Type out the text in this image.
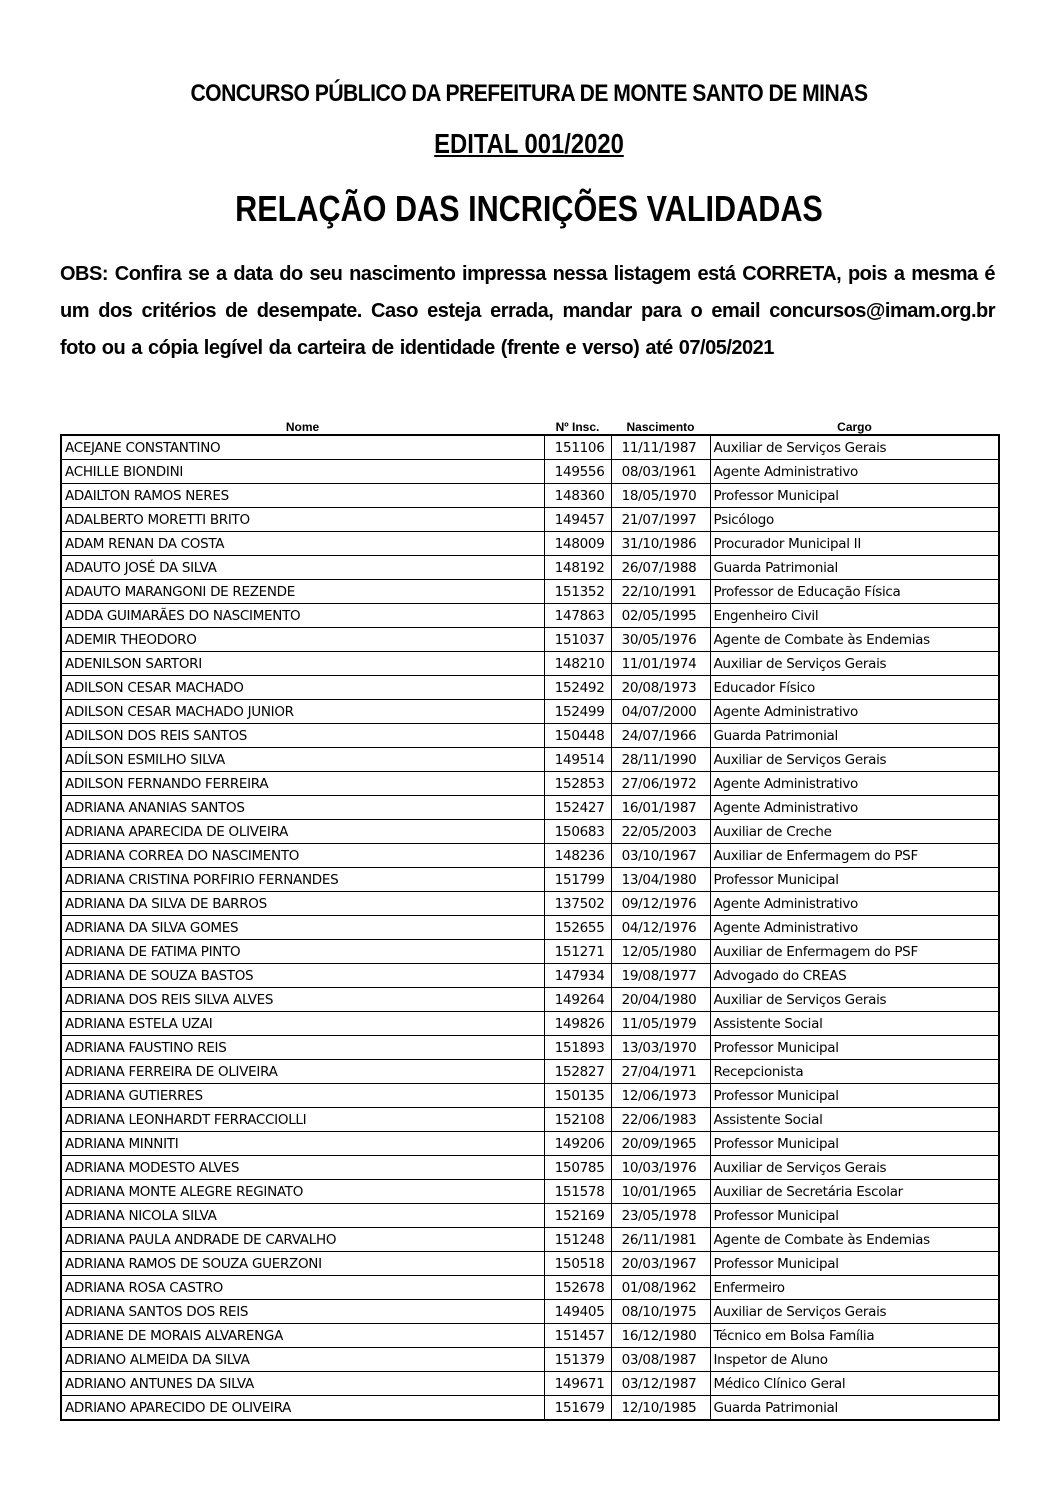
CONCURSO PÚBLICO DA PREFEITURA DE MONTE SANTO DE MINAS
EDITAL 001/2020
RELAÇÃO DAS INCRIÇÕES VALIDADAS
OBS: Confira se a data do seu nascimento impressa nessa listagem está CORRETA, pois a mesma é um dos critérios de desempate. Caso esteja errada, mandar para o email concursos@imam.org.br foto ou a cópia legível da carteira de identidade (frente e verso) até 07/05/2021
Nome	Nº Insc.	Nascimento	Cargo
ACEJANE CONSTANTINO	151106	11/11/1987	Auxiliar de Serviços Gerais
ACHILLE BIONDINI	149556	08/03/1961	Agente Administrativo
ADAILTON RAMOS NERES	148360	18/05/1970	Professor Municipal
ADALBERTO MORETTI BRITO	149457	21/07/1997	Psicólogo
ADAM RENAN DA COSTA	148009	31/10/1986	Procurador Municipal II
ADAUTO JOSÉ DA SILVA	148192	26/07/1988	Guarda Patrimonial
ADAUTO MARANGONI DE REZENDE	151352	22/10/1991	Professor de Educação Física
ADDA GUIMARÃES DO NASCIMENTO	147863	02/05/1995	Engenheiro Civil
ADEMIR THEODORO	151037	30/05/1976	Agente de Combate às Endemias
ADENILSON SARTORI	148210	11/01/1974	Auxiliar de Serviços Gerais
ADILSON CESAR MACHADO	152492	20/08/1973	Educador Físico
ADILSON CESAR MACHADO JUNIOR	152499	04/07/2000	Agente Administrativo
ADILSON DOS REIS SANTOS	150448	24/07/1966	Guarda Patrimonial
ADÍLSON ESMILHO SILVA	149514	28/11/1990	Auxiliar de Serviços Gerais
ADILSON FERNANDO FERREIRA	152853	27/06/1972	Agente Administrativo
ADRIANA ANANIAS SANTOS	152427	16/01/1987	Agente Administrativo
ADRIANA APARECIDA DE OLIVEIRA	150683	22/05/2003	Auxiliar de Creche
ADRIANA CORREA DO NASCIMENTO	148236	03/10/1967	Auxiliar de Enfermagem do PSF
ADRIANA CRISTINA PORFIRIO FERNANDES	151799	13/04/1980	Professor Municipal
ADRIANA DA SILVA DE BARROS	137502	09/12/1976	Agente Administrativo
ADRIANA DA SILVA GOMES	152655	04/12/1976	Agente Administrativo
ADRIANA DE FATIMA PINTO	151271	12/05/1980	Auxiliar de Enfermagem do PSF
ADRIANA DE SOUZA BASTOS	147934	19/08/1977	Advogado do CREAS
ADRIANA DOS REIS SILVA ALVES	149264	20/04/1980	Auxiliar de Serviços Gerais
ADRIANA ESTELA UZAI	149826	11/05/1979	Assistente Social
ADRIANA FAUSTINO REIS	151893	13/03/1970	Professor Municipal
ADRIANA FERREIRA DE OLIVEIRA	152827	27/04/1971	Recepcionista
ADRIANA GUTIERRES	150135	12/06/1973	Professor Municipal
ADRIANA LEONHARDT FERRACCIOLLI	152108	22/06/1983	Assistente Social
ADRIANA MINNITI	149206	20/09/1965	Professor Municipal
ADRIANA MODESTO ALVES	150785	10/03/1976	Auxiliar de Serviços Gerais
ADRIANA MONTE ALEGRE REGINATO	151578	10/01/1965	Auxiliar de Secretária Escolar
ADRIANA NICOLA SILVA	152169	23/05/1978	Professor Municipal
ADRIANA PAULA ANDRADE DE CARVALHO	151248	26/11/1981	Agente de Combate às Endemias
ADRIANA RAMOS DE SOUZA GUERZONI	150518	20/03/1967	Professor Municipal
ADRIANA ROSA CASTRO	152678	01/08/1962	Enfermeiro
ADRIANA SANTOS DOS REIS	149405	08/10/1975	Auxiliar de Serviços Gerais
ADRIANE DE MORAIS ALVARENGA	151457	16/12/1980	Técnico em Bolsa Família
ADRIANO ALMEIDA DA SILVA	151379	03/08/1987	Inspetor de Aluno
ADRIANO ANTUNES DA SILVA	149671	03/12/1987	Médico Clínico Geral
ADRIANO APARECIDO DE OLIVEIRA	151679	12/10/1985	Guarda Patrimonial
